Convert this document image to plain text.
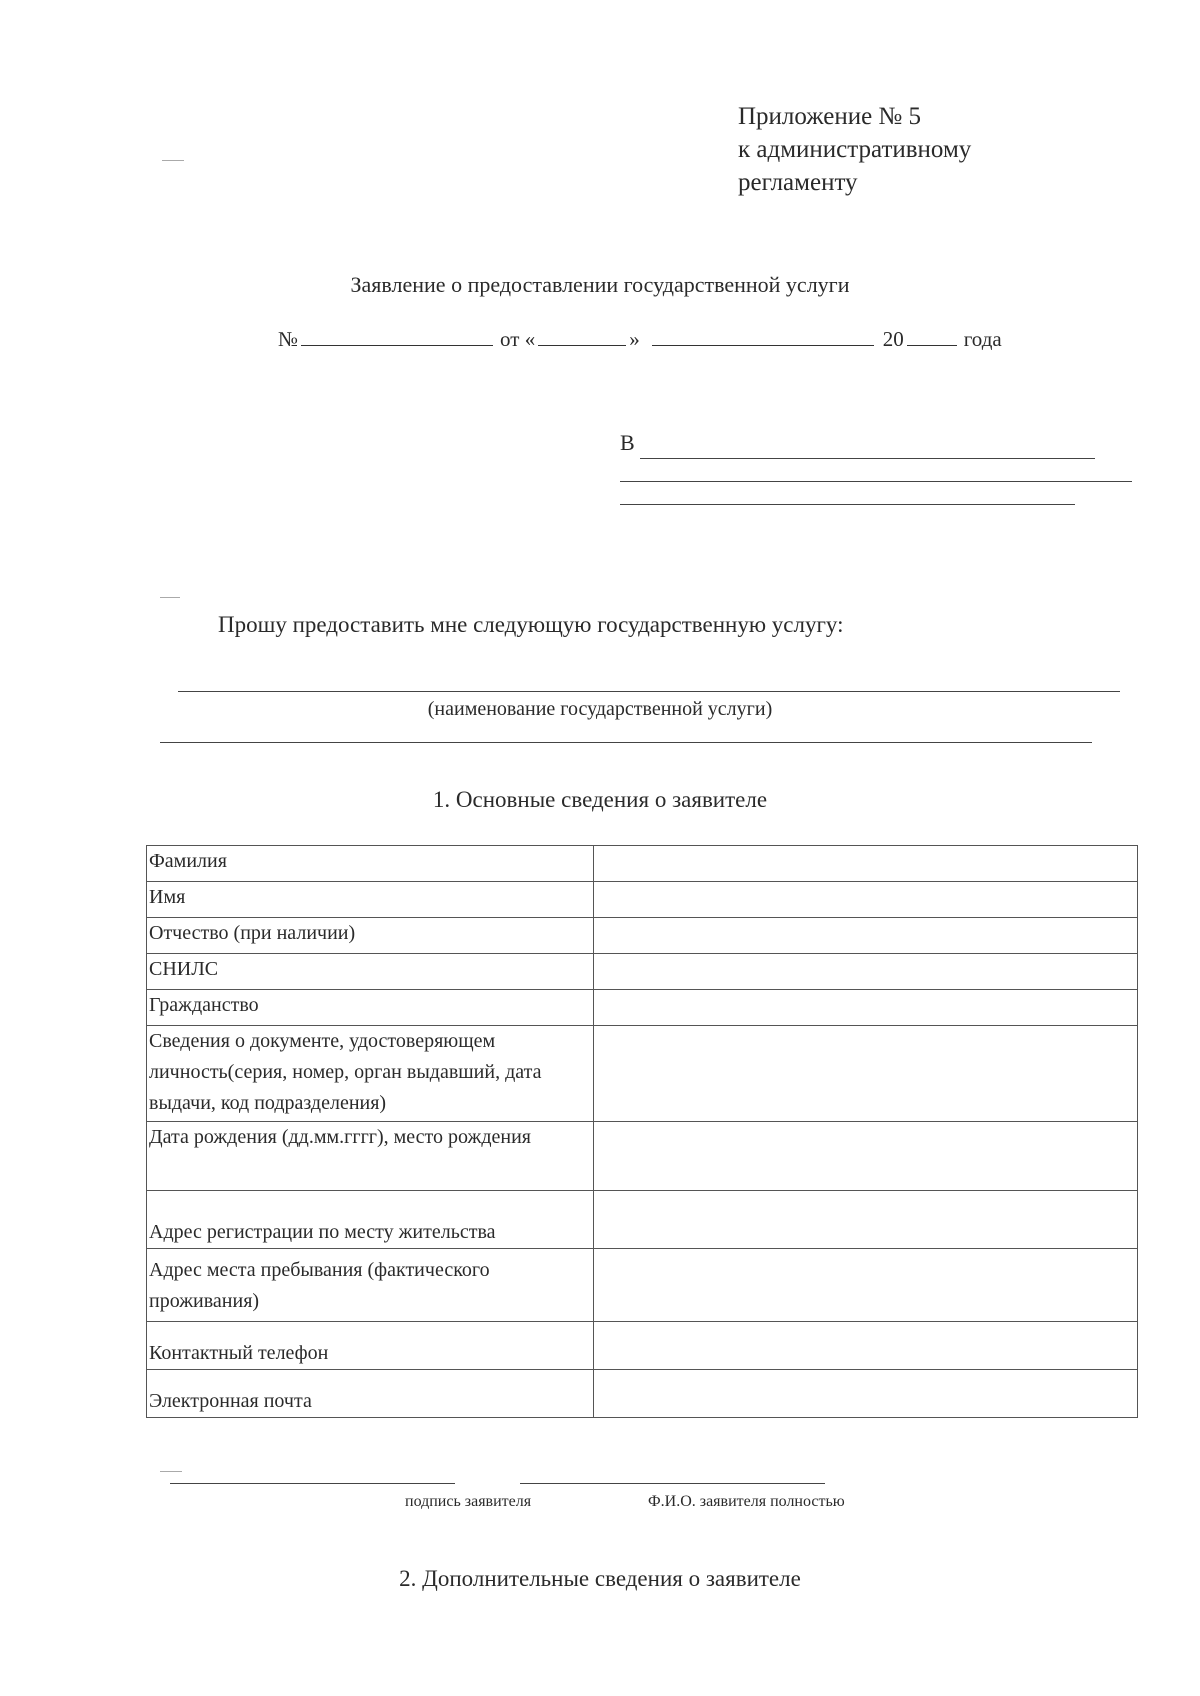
Приложение № 5
к административному
регламенту
Заявление о предоставлении государственной услуги
№	от «	»	20	года
В
Прошу предоставить мне следующую государственную услугу:
(наименование государственной услуги)
1. Основные сведения о заявителе
Фамилия	
Имя	
Отчество (при наличии)	
СНИЛС	
Гражданство	
Сведения о документе, удостоверяющем личность(серия, номер, орган выдавший, дата выдачи, код подразделения)	
Дата рождения (дд.мм.гггг), место рождения	
Адрес регистрации по месту жительства	
Адрес места пребывания (фактического проживания)	
Контактный телефон	
Электронная почта	
подпись заявителя	Ф.И.О. заявителя полностью
2. Дополнительные сведения о заявителе
